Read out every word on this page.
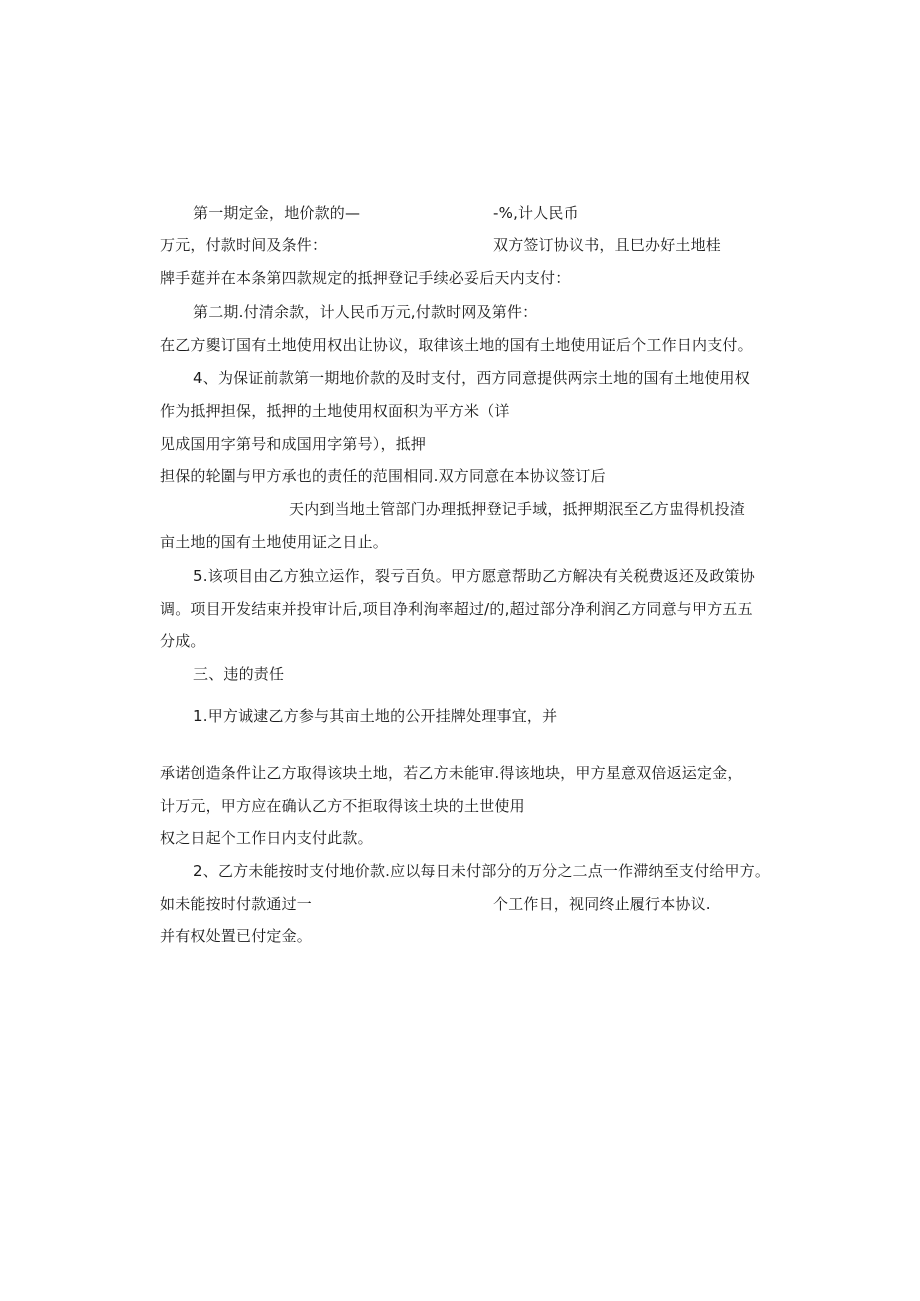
第一期定金，地价款的—	-%,计人民币
万元，付款时间及条件：	双方签订协议书，且巳办好土地桂
牌手莚并在本条第四款规定的抵押登记手续必妥后天内支付：
第二期.付清余款，计人民币万元,付款时网及第件：
在乙方夓订国有土地使用权出让协议，取律该土地的国有土地使用证后个工作日内支付。
4、为保证前款第一期地价款的及时支付，西方同意提供两宗土地的国有土地使用权
作为抵押担保，抵押的土地使用权面积为平方米（详
见成国用字第号和成国用字第号），抵押
担保的轮圍与甲方承也的责任的范围相同.双方同意在本协议签订后
天内到当地土管部门办理抵押登记手域，抵押期泯至乙方盅得机投渣
亩土地的国有土地使用证之日止。
5.该项目由乙方独立运作，裂亏百负。甲方愿意帮助乙方解决有关税费返还及政策协
调。项目开发结束并投审计后,项目净利洵率超过/的,超过部分净利润乙方同意与甲方五五
分成。
三、违的责任
1.甲方诚逮乙方参与其亩土地的公开挂牌处理事宜，并
承诺创造条件让乙方取得该块土地，若乙方未能审.得该地块，甲方星意双倍返运定金，
计万元，甲方应在确认乙方不拒取得该土块的土世使用
权之日起个工作日内支付此款。
2、乙方未能按时支付地价款.应以每日未付部分的万分之二点一作滞纳至支付给甲方。
如未能按时付款通过一	个工作日，视同终止履行本协议.
并有权处置已付定金。
